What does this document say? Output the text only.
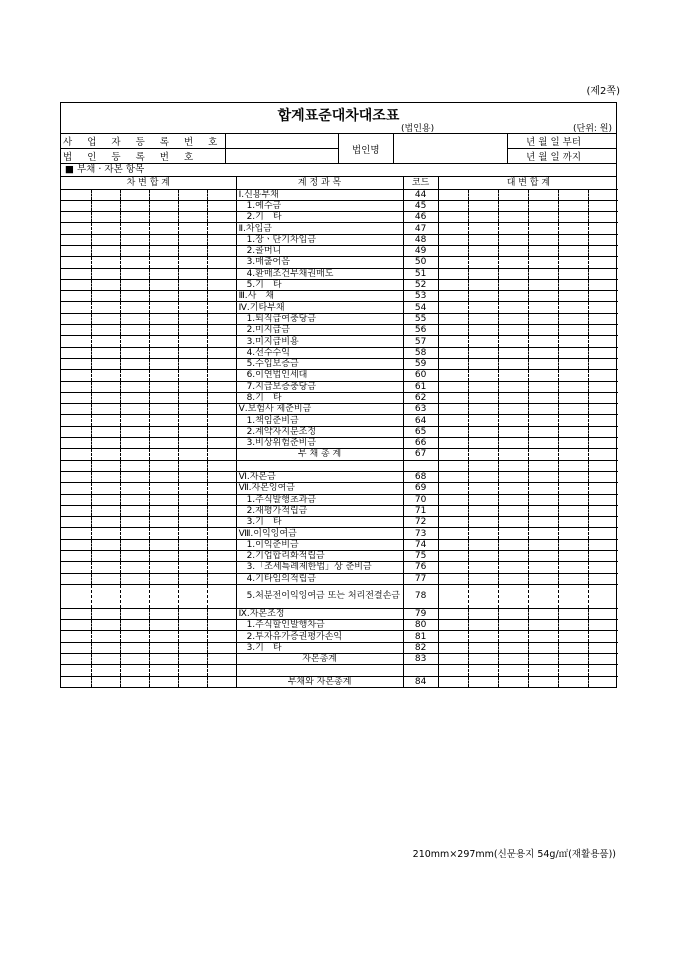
(제2쪽)
합계표준대차대조표
(법인용)	(단위: 원)
사 업 자 등 록 번 호		법인명		년 월 일 부터
법 인 등 록 번 호				년 월 일 까지
■ 부채 · 자본 항목
차 변 합 계						계 정 과 목	코드	대 변 합 계					
						Ⅰ.신용부채	44						
						1.예수금	45						
						2.기　타	46						
						Ⅱ.차입금	47						
						1.장ㆍ단기차입금	48						
						2.콜머니	49						
						3.매출어음	50						
						4.환매조건부채권매도	51						
						5.기　타	52						
						Ⅲ.사　채	53						
						Ⅳ.기타부채	54						
						1.퇴직급여충당금	55						
						2.미지급금	56						
						3.미지급비용	57						
						4.선수수익	58						
						5.수입보증금	59						
						6.이연법인세대	60						
						7.지급보증충당금	61						
						8.기　타	62						
						Ⅴ.보험사 제준비금	63						
						1.책임준비금	64						
						2.계약자지분조정	65						
						3.비상위험준비금	66						
						부 채 총 계	67						

						Ⅵ.자본금	68						
						Ⅶ.자본잉여금	69						
						1.주식발행초과금	70						
						2.재평가적립금	71						
						3.기　타	72						
						Ⅷ.이익잉여금	73						
						1.이익준비금	74						
						2.기업합리화적립금	75						
						3.「조세특례제한법」상 준비금	76						
						4.기타임의적립금	77						
						5.처분전이익잉여금 또는 처리전결손금	78						
						Ⅸ.자본조정	79						
						1.주식할인발행차금	80						
						2.투자유가증권평가손익	81						
						3.기　타	82						
						자본총계	83						

						부채와 자본총계	84						
210mm×297mm(신문용지 54g/㎡(재활용품))
